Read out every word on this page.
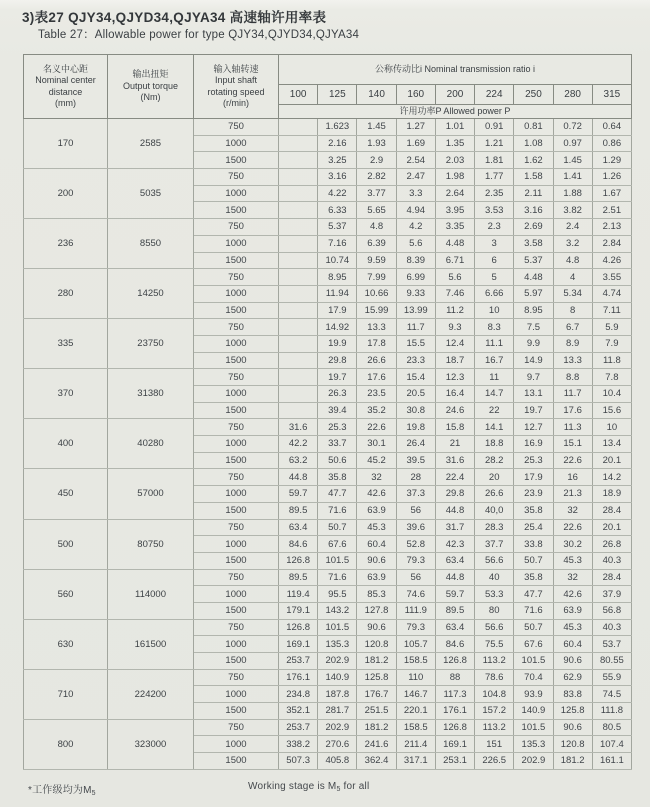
3)表27 QJY34,QJYD34,QJYA34 高速轴许用率表
Table 27：Allowable power for type QJY34,QJYD34,QJYA34
名义中心距
Nominal center
distance
(mm)

输出扭矩
Output torque
(Nm)

输入轴转速
Input shaft
rotating speed
(r/min)
	公称传动比i Nominal transmission ratio i
			100	125	140	160	200	224	250	280	315
			许用功率P Allowed power P								
170	2585	750		1.623	1.45	1.27	1.01	0.91	0.81	0.72	0.64
		1000		2.16	1.93	1.69	1.35	1.21	1.08	0.97	0.86
		1500		3.25	2.9	2.54	2.03	1.81	1.62	1.45	1.29
200	5035	750		3.16	2.82	2.47	1.98	1.77	1.58	1.41	1.26
		1000		4.22	3.77	3.3	2.64	2.35	2.11	1.88	1.67
		1500		6.33	5.65	4.94	3.95	3.53	3.16	3.82	2.51
236	8550	750		5.37	4.8	4.2	3.35	2.3	2.69	2.4	2.13
		1000		7.16	6.39	5.6	4.48	3	3.58	3.2	2.84
		1500		10.74	9.59	8.39	6.71	6	5.37	4.8	4.26
280	14250	750		8.95	7.99	6.99	5.6	5	4.48	4	3.55
		1000		11.94	10.66	9.33	7.46	6.66	5.97	5.34	4.74
		1500		17.9	15.99	13.99	11.2	10	8.95	8	7.11
335	23750	750		14.92	13.3	11.7	9.3	8.3	7.5	6.7	5.9
		1000		19.9	17.8	15.5	12.4	11.1	9.9	8.9	7.9
		1500		29.8	26.6	23.3	18.7	16.7	14.9	13.3	11.8
370	31380	750		19.7	17.6	15.4	12.3	11	9.7	8.8	7.8
		1000		26.3	23.5	20.5	16.4	14.7	13.1	11.7	10.4
		1500		39.4	35.2	30.8	24.6	22	19.7	17.6	15.6
400	40280	750	31.6	25.3	22.6	19.8	15.8	14.1	12.7	11.3	10
		1000	42.2	33.7	30.1	26.4	21	18.8	16.9	15.1	13.4
		1500	63.2	50.6	45.2	39.5	31.6	28.2	25.3	22.6	20.1
450	57000	750	44.8	35.8	32	28	22.4	20	17.9	16	14.2
		1000	59.7	47.7	42.6	37.3	29.8	26.6	23.9	21.3	18.9
		1500	89.5	71.6	63.9	56	44.8	40,0	35.8	32	28.4
500	80750	750	63.4	50.7	45.3	39.6	31.7	28.3	25.4	22.6	20.1
		1000	84.6	67.6	60.4	52.8	42.3	37.7	33.8	30.2	26.8
		1500	126.8	101.5	90.6	79.3	63.4	56.6	50.7	45.3	40.3
560	114000	750	89.5	71.6	63.9	56	44.8	40	35.8	32	28.4
		1000	119.4	95.5	85.3	74.6	59.7	53.3	47.7	42.6	37.9
		1500	179.1	143.2	127.8	111.9	89.5	80	71.6	63.9	56.8
630	161500	750	126.8	101.5	90.6	79.3	63.4	56.6	50.7	45.3	40.3
		1000	169.1	135.3	120.8	105.7	84.6	75.5	67.6	60.4	53.7
		1500	253.7	202.9	181.2	158.5	126.8	113.2	101.5	90.6	80.55
710	224200	750	176.1	140.9	125.8	110	88	78.6	70.4	62.9	55.9
		1000	234.8	187.8	176.7	146.7	117.3	104.8	93.9	83.8	74.5
		1500	352.1	281.7	251.5	220.1	176.1	157.2	140.9	125.8	111.8
800	323000	750	253.7	202.9	181.2	158.5	126.8	113.2	101.5	90.6	80.5
		1000	338.2	270.6	241.6	211.4	169.1	151	135.3	120.8	107.4
		1500	507.3	405.8	362.4	317.1	253.1	226.5	202.9	181.2	161.1
*工作级均为$M_5$
Working stage is $M_5$ for all
